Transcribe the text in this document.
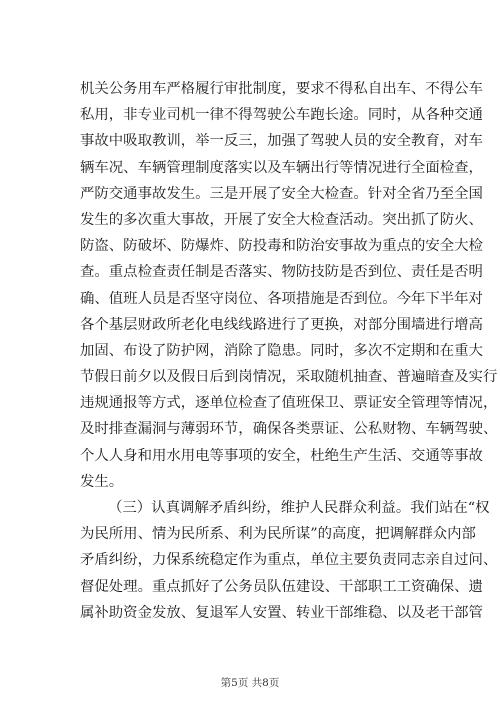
机关公务用车严格履行审批制度，要求不得私自出车、不得公车
私用，非专业司机一律不得驾驶公车跑长途。同时，从各种交通
事故中吸取教训，举一反三，加强了驾驶人员的安全教育，对车
辆车况、车辆管理制度落实以及车辆出行等情况进行全面检查，
严防交通事故发生。三是开展了安全大检查。针对全省乃至全国
发生的多次重大事故，开展了安全大检查活动。突出抓了防火、
防盗、防破坏、防爆炸、防投毒和防治安事故为重点的安全大检
查。重点检查责任制是否落实、物防技防是否到位、责任是否明
确、值班人员是否坚守岗位、各项措施是否到位。今年下半年对
各个基层财政所老化电线线路进行了更换，对部分围墙进行增高
加固、布设了防护网，消除了隐患。同时，多次不定期和在重大
节假日前夕以及假日后到岗情况，采取随机抽查、普遍暗查及实行
违规通报等方式，逐单位检查了值班保卫、票证安全管理等情况，
及时排查漏洞与薄弱环节，确保各类票证、公私财物、车辆驾驶、
个人人身和用水用电等事项的安全，杜绝生产生活、交通等事故
发生。
（三）认真调解矛盾纠纷，维护人民群众利益。我们站在“权
为民所用、情为民所系、利为民所谋”的高度，把调解群众内部
矛盾纠纷，力保系统稳定作为重点，单位主要负责同志亲自过问、
督促处理。重点抓好了公务员队伍建设、干部职工工资确保、遗
属补助资金发放、复退军人安置、转业干部维稳、以及老干部管
第5页 共8页
